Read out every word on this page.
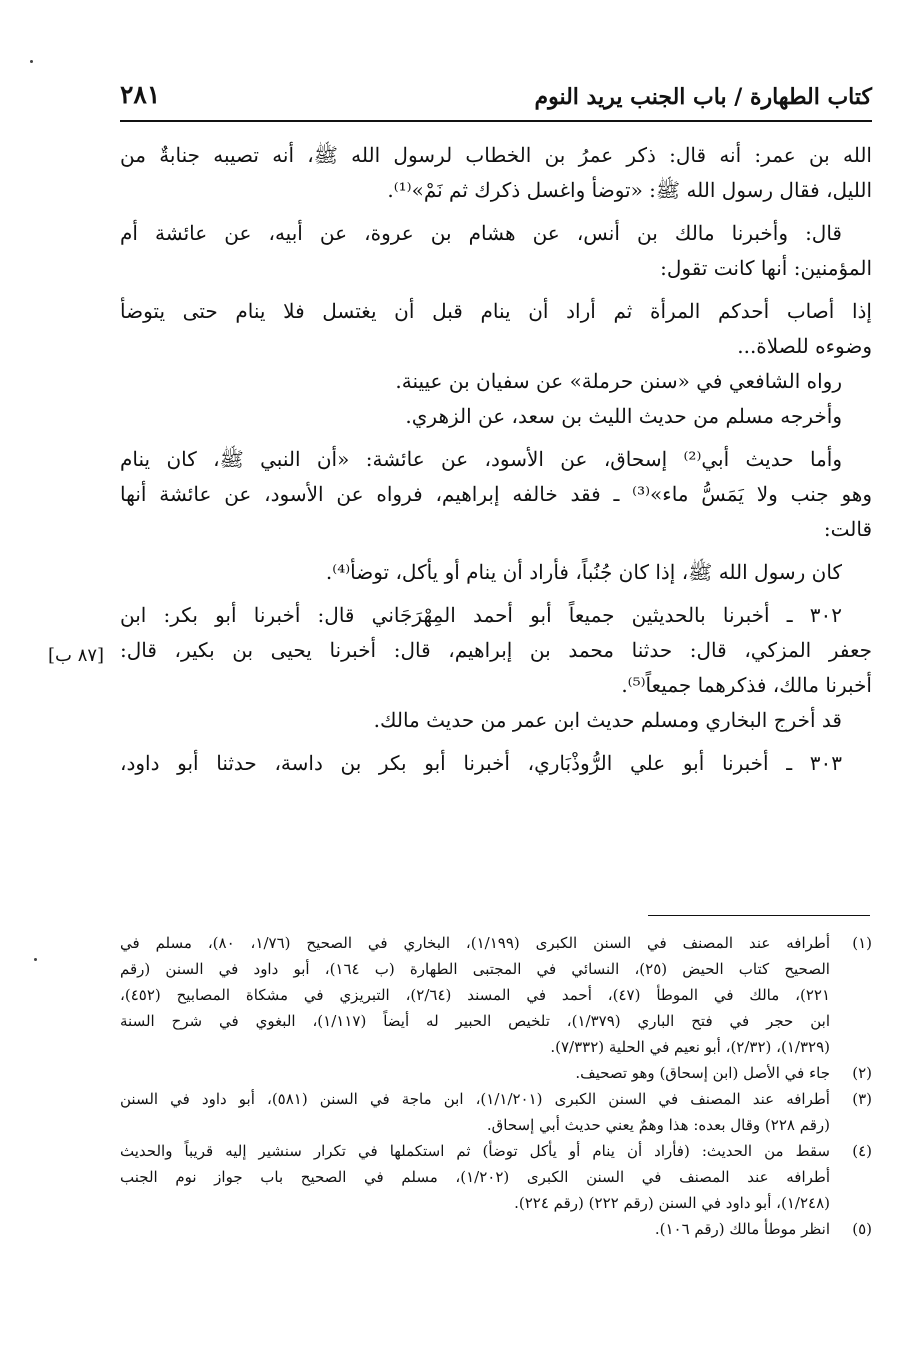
كتاب الطهارة / باب الجنب يريد النوم
٢٨١

الله بن عمر: أنه قال: ذكر عمرُ بن الخطاب لرسول الله ﷺ، أنه تصيبه جنابةٌ من
الليل، فقال رسول الله ﷺ: «توضأ واغسل ذكرك ثم نَمْ»⁽¹⁾.

قال: وأخبرنا مالك بن أنس، عن هشام بن عروة، عن أبيه، عن عائشة أم

المؤمنين: أنها كانت تقول:

إذا أصاب أحدكم المرأة ثم أراد أن ينام قبل أن يغتسل فلا ينام حتى يتوضأ
وضوءه للصلاة...

رواه الشافعي في «سنن حرملة» عن سفيان بن عيينة.

وأخرجه مسلم من حديث الليث بن سعد، عن الزهري.

وأما حديث أبي⁽²⁾ إسحاق، عن الأسود، عن عائشة: «أن النبي ﷺ، كان ينام

وهو جنب ولا يَمَسُّ ماء»⁽³⁾ ـ فقد خالفه إبراهيم، فرواه عن الأسود، عن عائشة أنها
قالت:

كان رسول الله ﷺ، إذا كان جُنُباً، فأراد أن ينام أو يأكل، توضأ⁽⁴⁾.

٣٠٢ ـ أخبرنا بالحديثين جميعاً أبو أحمد المِهْرَجَاني قال: أخبرنا أبو بكر: ابن

جعفر المزكي، قال: حدثنا محمد بن إبراهيم، قال: أخبرنا يحيى بن بكير، قال:
أخبرنا مالك، فذكرهما جميعاً⁽⁵⁾.

قد أخرج البخاري ومسلم حديث ابن عمر من حديث مالك.

٣٠٣ ـ أخبرنا أبو علي الرُّوذْبَاري، أخبرنا أبو بكر بن داسة، حدثنا أبو داود،

[٨٧ ب]
(١)
أطرافه عند المصنف في السنن الكبرى (١/١٩٩)، البخاري في الصحيح (١/٧٦، ٨٠)، مسلم في
الصحيح كتاب الحيض (٢٥)، النسائي في المجتبى الطهارة (ب ١٦٤)، أبو داود في السنن (رقم
٢٢١)، مالك في الموطأ (٤٧)، أحمد في المسند (٢/٦٤)، التبريزي في مشكاة المصابيح (٤٥٢)،
ابن حجر في فتح الباري (١/٣٧٩)، تلخيص الحبير له أيضاً (١/١١٧)، البغوي في شرح السنة
(١/٣٢٩)، (٢/٣٢)، أبو نعيم في الحلية (٧/٣٣٢).
(٢)
جاء في الأصل (ابن إسحاق) وهو تصحيف.
(٣)
أطرافه عند المصنف في السنن الكبرى (١/١/٢٠١)، ابن ماجة في السنن (٥٨١)، أبو داود في السنن
(رقم ٢٢٨) وقال بعده: هذا وهمٌ يعني حديث أبي إسحاق.
(٤)
سقط من الحديث: (فأراد أن ينام أو يأكل توضأ) ثم استكملها في تكرار سنشير إليه قريباً والحديث
أطرافه عند المصنف في السنن الكبرى (١/٢٠٢)، مسلم في الصحيح باب جواز نوم الجنب
(١/٢٤٨)، أبو داود في السنن (رقم ٢٢٢) (رقم ٢٢٤).
(٥)
انظر موطأ مالك (رقم ١٠٦).
